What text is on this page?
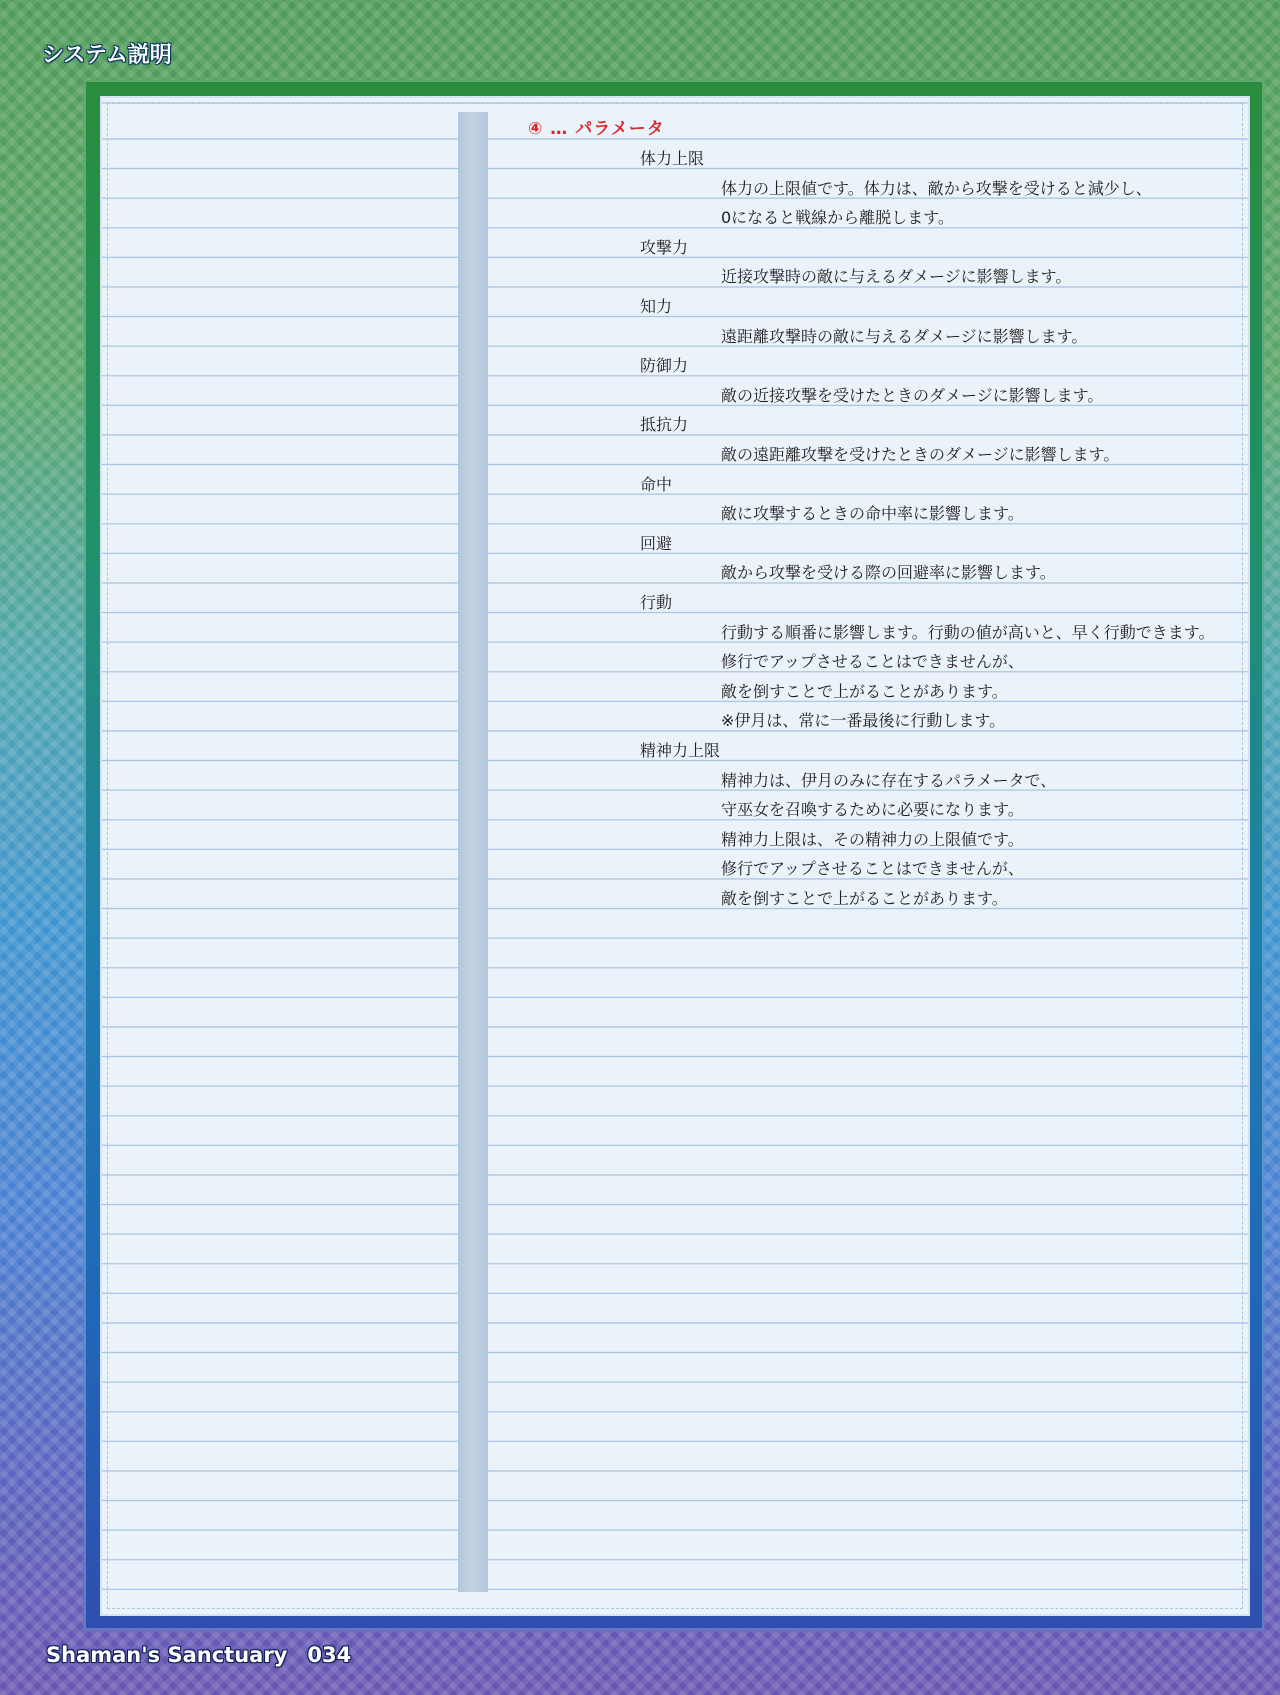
システム説明
④ … パラメータ
体力上限
体力の上限値です。体力は、敵から攻撃を受けると減少し、
0になると戦線から離脱します。
攻撃力
近接攻撃時の敵に与えるダメージに影響します。
知力
遠距離攻撃時の敵に与えるダメージに影響します。
防御力
敵の近接攻撃を受けたときのダメージに影響します。
抵抗力
敵の遠距離攻撃を受けたときのダメージに影響します。
命中
敵に攻撃するときの命中率に影響します。
回避
敵から攻撃を受ける際の回避率に影響します。
行動
行動する順番に影響します。行動の値が高いと、早く行動できます。
修行でアップさせることはできませんが、
敵を倒すことで上がることがあります。
※伊月は、常に一番最後に行動します。
精神力上限
精神力は、伊月のみに存在するパラメータで、
守巫女を召喚するために必要になります。
精神力上限は、その精神力の上限値です。
修行でアップさせることはできませんが、
敵を倒すことで上がることがあります。
Shaman's Sanctuary 034
